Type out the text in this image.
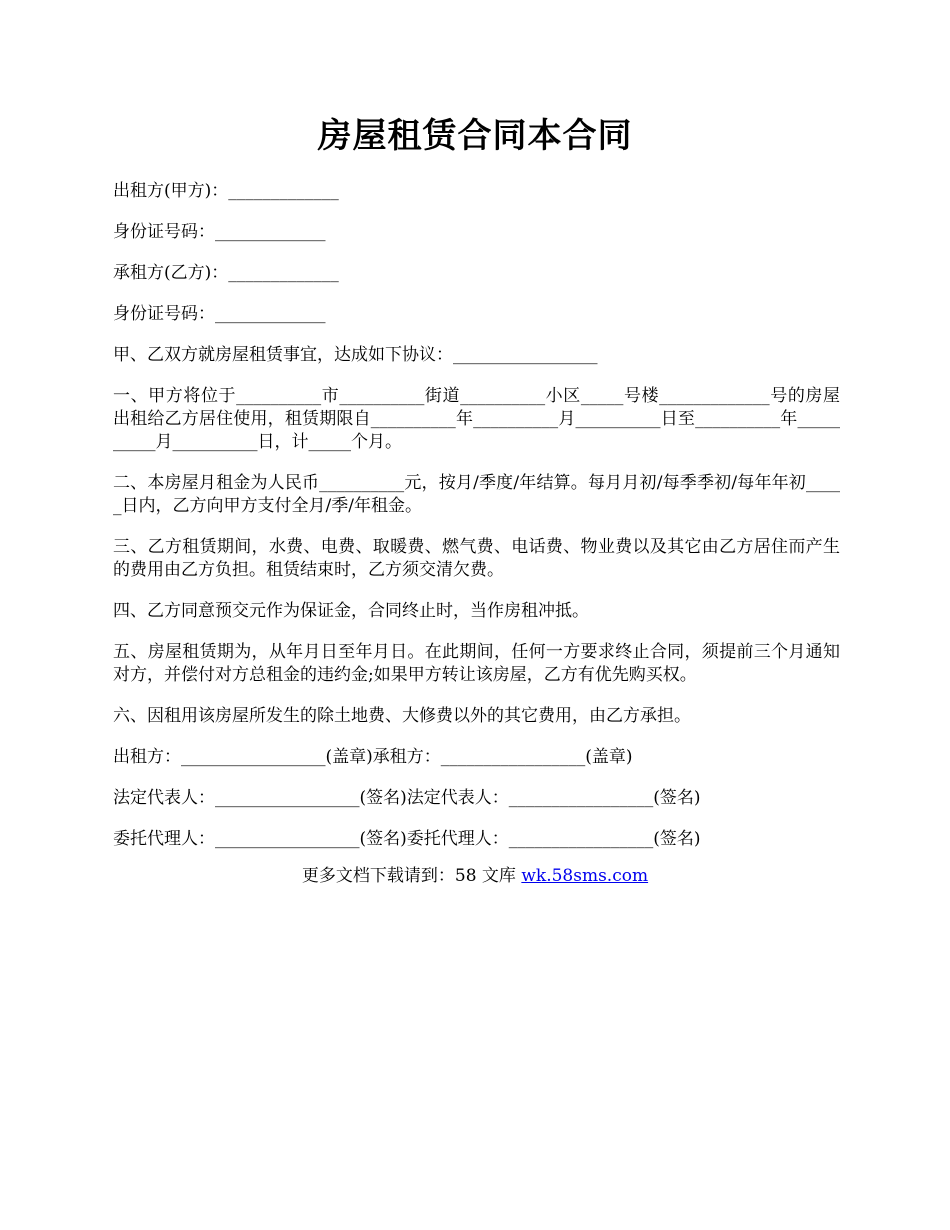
房屋租赁合同本合同

出租方(甲方)：_____________

身份证号码：_____________

承租方(乙方)：_____________

身份证号码：_____________

甲、乙双方就房屋租赁事宜，达成如下协议：_________________

一、甲方将位于__________市__________街道__________小区_____号楼_____________号的房屋出租给乙方居住使用，租赁期限自__________年__________月__________日至__________年__________月__________日，计_____个月。

二、本房屋月租金为人民币__________元，按月/季度/年结算。每月月初/每季季初/每年年初_____日内，乙方向甲方支付全月/季/年租金。

三、乙方租赁期间，水费、电费、取暖费、燃气费、电话费、物业费以及其它由乙方居住而产生的费用由乙方负担。租赁结束时，乙方须交清欠费。

四、乙方同意预交元作为保证金，合同终止时，当作房租冲抵。

五、房屋租赁期为，从年月日至年月日。在此期间，任何一方要求终止合同，须提前三个月通知对方，并偿付对方总租金的违约金;如果甲方转让该房屋，乙方有优先购买权。

六、因租用该房屋所发生的除土地费、大修费以外的其它费用，由乙方承担。

出租方：_________________(盖章)承租方：_________________(盖章)

法定代表人：_________________(签名)法定代表人：_________________(签名)

委托代理人：_________________(签名)委托代理人：_________________(签名)

更多文档下载请到：58 文库 wk.58sms.com
